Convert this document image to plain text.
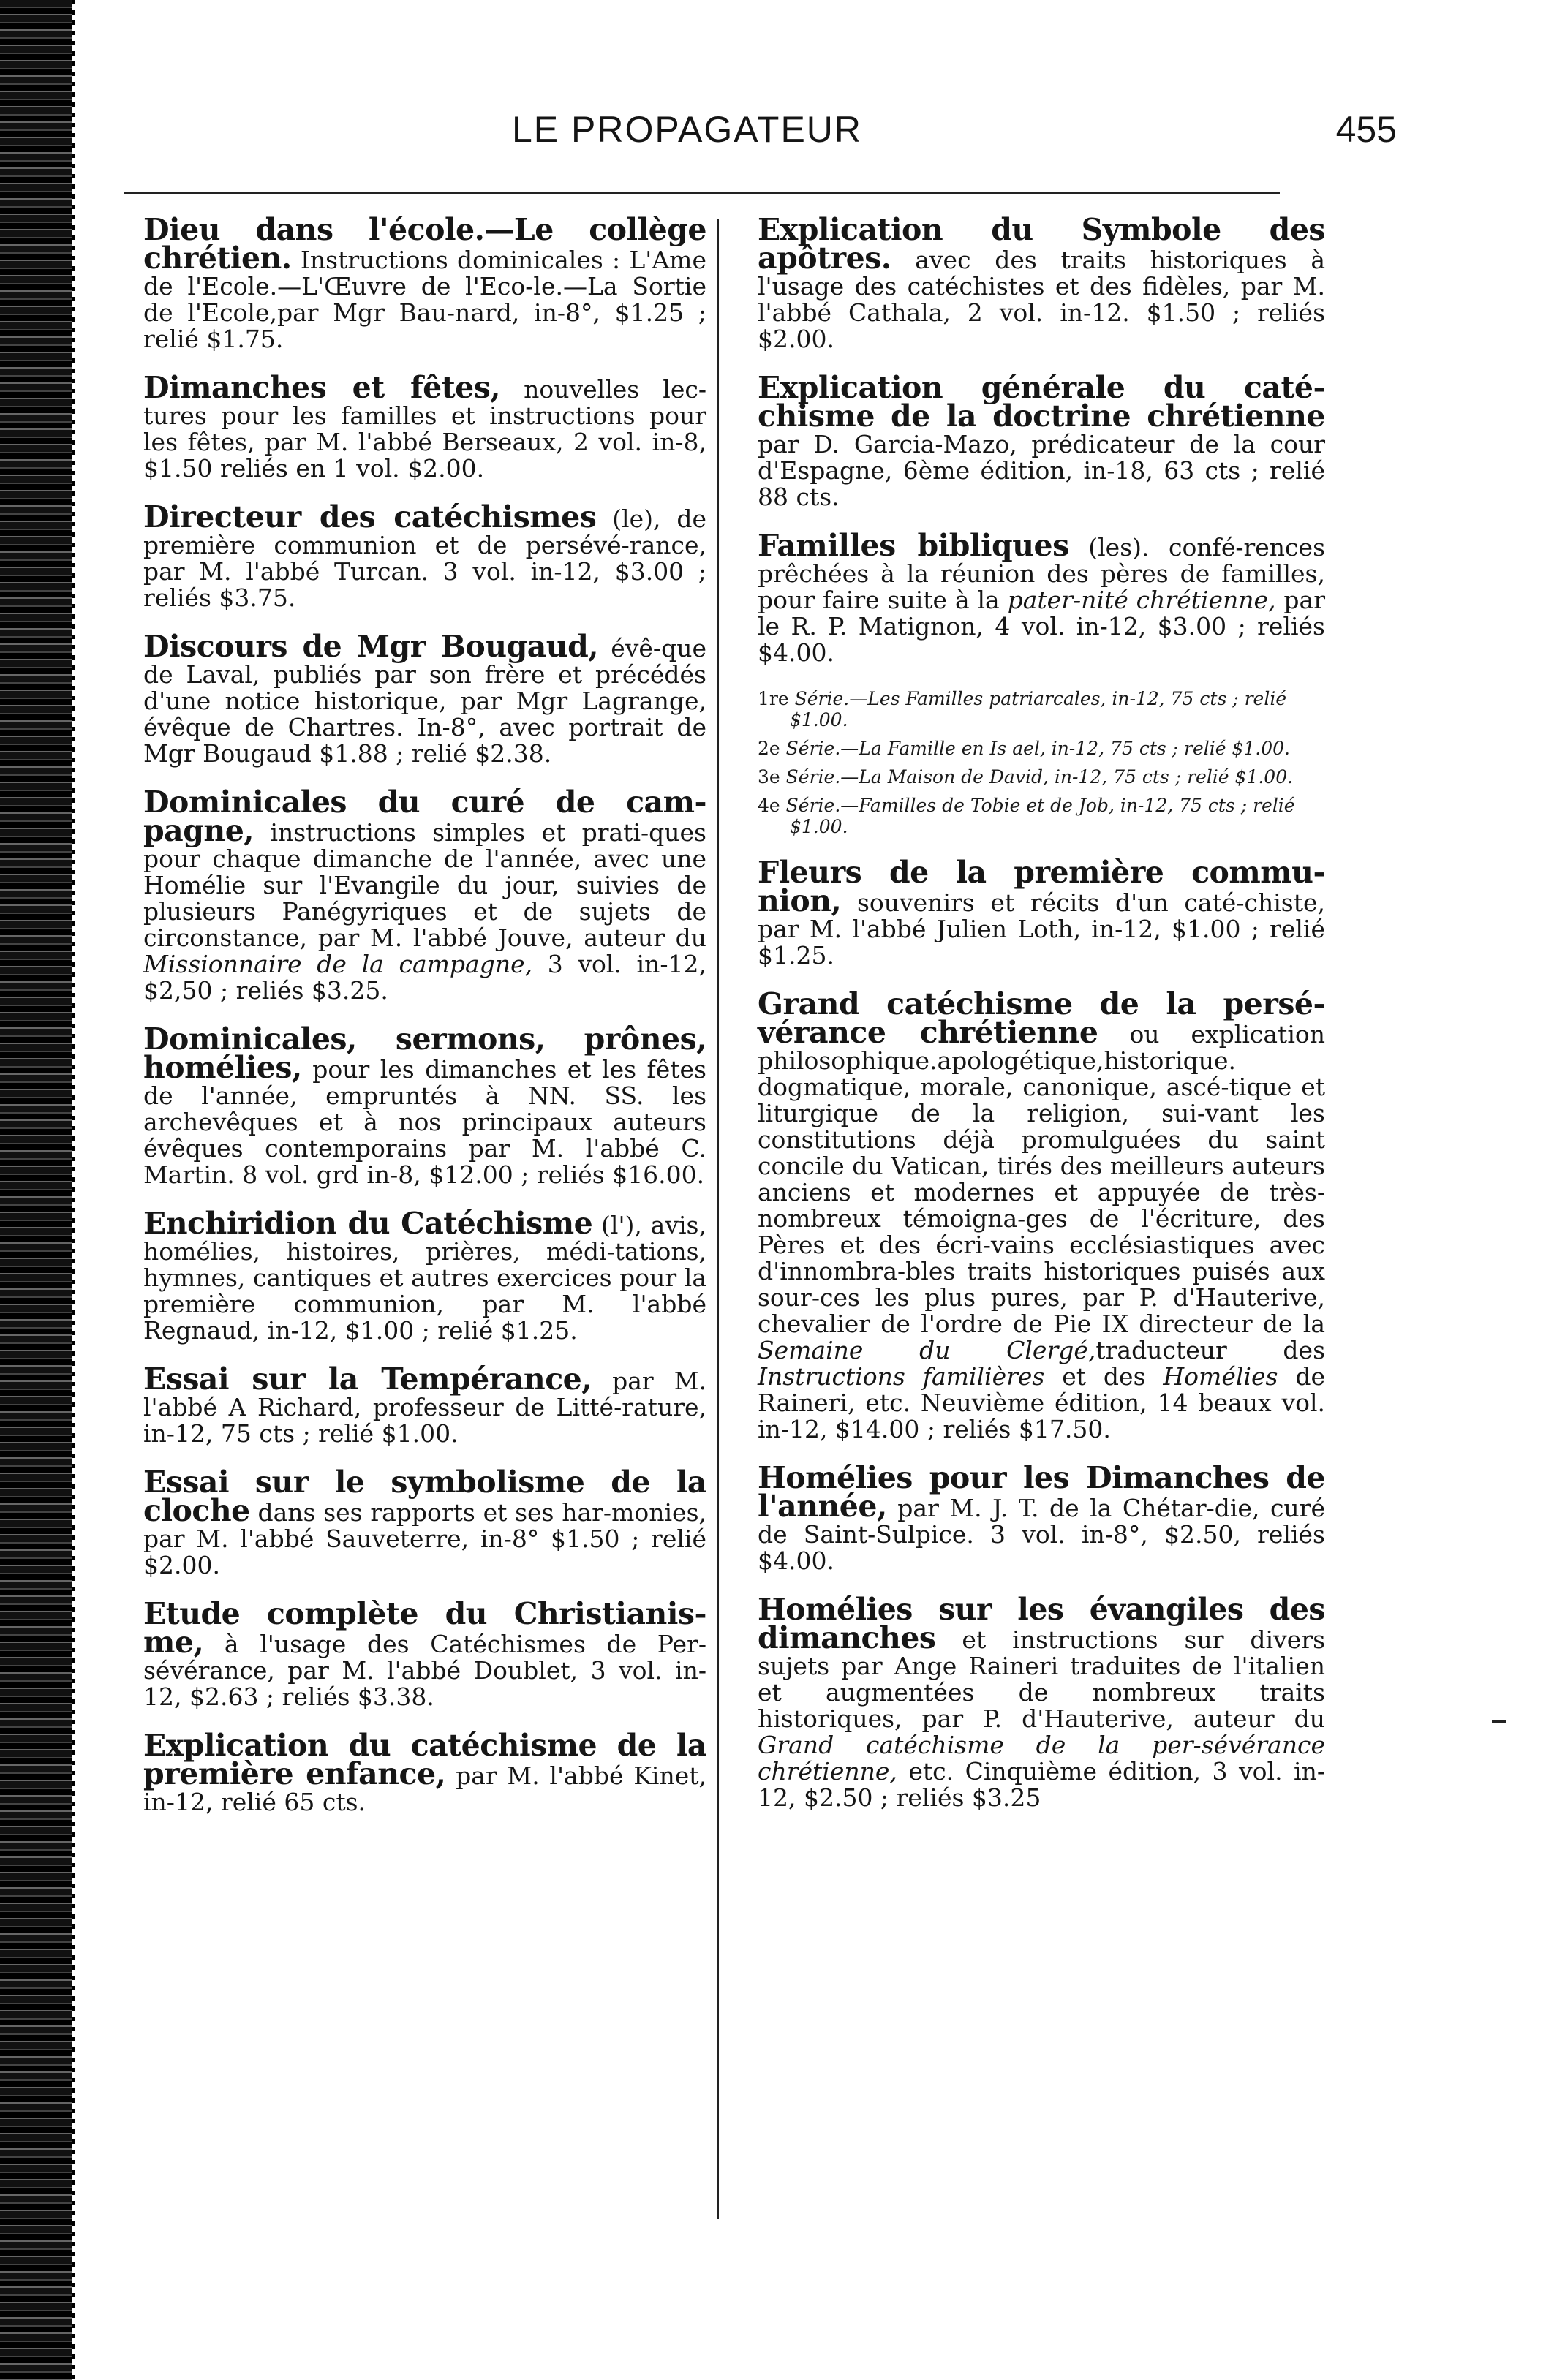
LE PROPAGATEUR	455

Dieu dans l'école.—Le collège chrétien. Instructions dominicales : L'Ame de l'Ecole.—L'Œuvre de l'Eco-le.—La Sortie de l'Ecole,par Mgr Bau-nard, in-8°, $1.25 ; relié $1.75.

Dimanches et fêtes, nouvelles lec-tures pour les familles et instructions pour les fêtes, par M. l'abbé Berseaux, 2 vol. in-8, $1.50 reliés en 1 vol. $2.00.

Directeur des catéchismes (le), de première communion et de persévé-rance, par M. l'abbé Turcan. 3 vol. in-12, $3.00 ; reliés $3.75.

Discours de Mgr Bougaud, évê-que de Laval, publiés par son frère et précédés d'une notice historique, par Mgr Lagrange, évêque de Chartres. In-8°, avec portrait de Mgr Bougaud $1.88 ; relié $2.38.

Dominicales du curé de cam-pagne, instructions simples et prati-ques pour chaque dimanche de l'année, avec une Homélie sur l'Evangile du jour, suivies de plusieurs Panégyriques et de sujets de circonstance, par M. l'abbé Jouve, auteur du Missionnaire de la campagne, 3 vol. in-12, $2,50 ; reliés $3.25.

Dominicales, sermons, prônes, homélies, pour les dimanches et les fêtes de l'année, empruntés à NN. SS. les archevêques et à nos principaux auteurs évêques contemporains par M. l'abbé C. Martin. 8 vol. grd in-8, $12.00 ; reliés $16.00.

Enchiridion du Catéchisme (l'), avis, homélies, histoires, prières, médi-tations, hymnes, cantiques et autres exercices pour la première communion, par M. l'abbé Regnaud, in-12, $1.00 ; relié $1.25.

Essai sur la Tempérance, par M. l'abbé A Richard, professeur de Litté-rature, in-12, 75 cts ; relié $1.00.

Essai sur le symbolisme de la cloche dans ses rapports et ses har-monies, par M. l'abbé Sauveterre, in-8° $1.50 ; relié $2.00.

Etude complète du Christianis-me, à l'usage des Catéchismes de Per-sévérance, par M. l'abbé Doublet, 3 vol. in-12, $2.63 ; reliés $3.38.

Explication du catéchisme de la première enfance, par M. l'abbé Kinet, in-12, relié 65 cts.

Explication du Symbole des apôtres. avec des traits historiques à l'usage des catéchistes et des fidèles, par M. l'abbé Cathala, 2 vol. in-12. $1.50 ; reliés $2.00.

Explication générale du caté-chisme de la doctrine chrétienne par D. Garcia-Mazo, prédicateur de la cour d'Espagne, 6ème édition, in-18, 63 cts ; relié 88 cts.

Familles bibliques (les). confé-rences prêchées à la réunion des pères de familles, pour faire suite à la pater-nité chrétienne, par le R. P. Matignon, 4 vol. in-12, $3.00 ; reliés $4.00.

1re Série.—Les Familles patriarcales, in-12, 75 cts ; relié $1.00.

2e Série.—La Famille en Is ael, in-12, 75 cts ; relié $1.00.

3e Série.—La Maison de David, in-12, 75 cts ; relié $1.00.

4e Série.—Familles de Tobie et de Job, in-12, 75 cts ; relié $1.00.

Fleurs de la première commu-nion, souvenirs et récits d'un caté-chiste, par M. l'abbé Julien Loth, in-12, $1.00 ; relié $1.25.

Grand catéchisme de la persé-vérance chrétienne ou explication philosophique.apologétique,historique. dogmatique, morale, canonique, ascé-tique et liturgique de la religion, sui-vant les constitutions déjà promulguées du saint concile du Vatican, tirés des meilleurs auteurs anciens et modernes et appuyée de très-nombreux témoigna-ges de l'écriture, des Pères et des écri-vains ecclésiastiques avec d'innombra-bles traits historiques puisés aux sour-ces les plus pures, par P. d'Hauterive, chevalier de l'ordre de Pie IX directeur de la Semaine du Clergé,traducteur des Instructions familières et des Homélies de Raineri, etc. Neuvième édition, 14 beaux vol. in-12, $14.00 ; reliés $17.50.

Homélies pour les Dimanches de l'année, par M. J. T. de la Chétar-die, curé de Saint-Sulpice. 3 vol. in-8°, $2.50, reliés $4.00.

Homélies sur les évangiles des dimanches et instructions sur divers sujets par Ange Raineri traduites de l'italien et augmentées de nombreux traits historiques, par P. d'Hauterive, auteur du Grand catéchisme de la per-sévérance chrétienne, etc. Cinquième édition, 3 vol. in-12, $2.50 ; reliés $3.25
